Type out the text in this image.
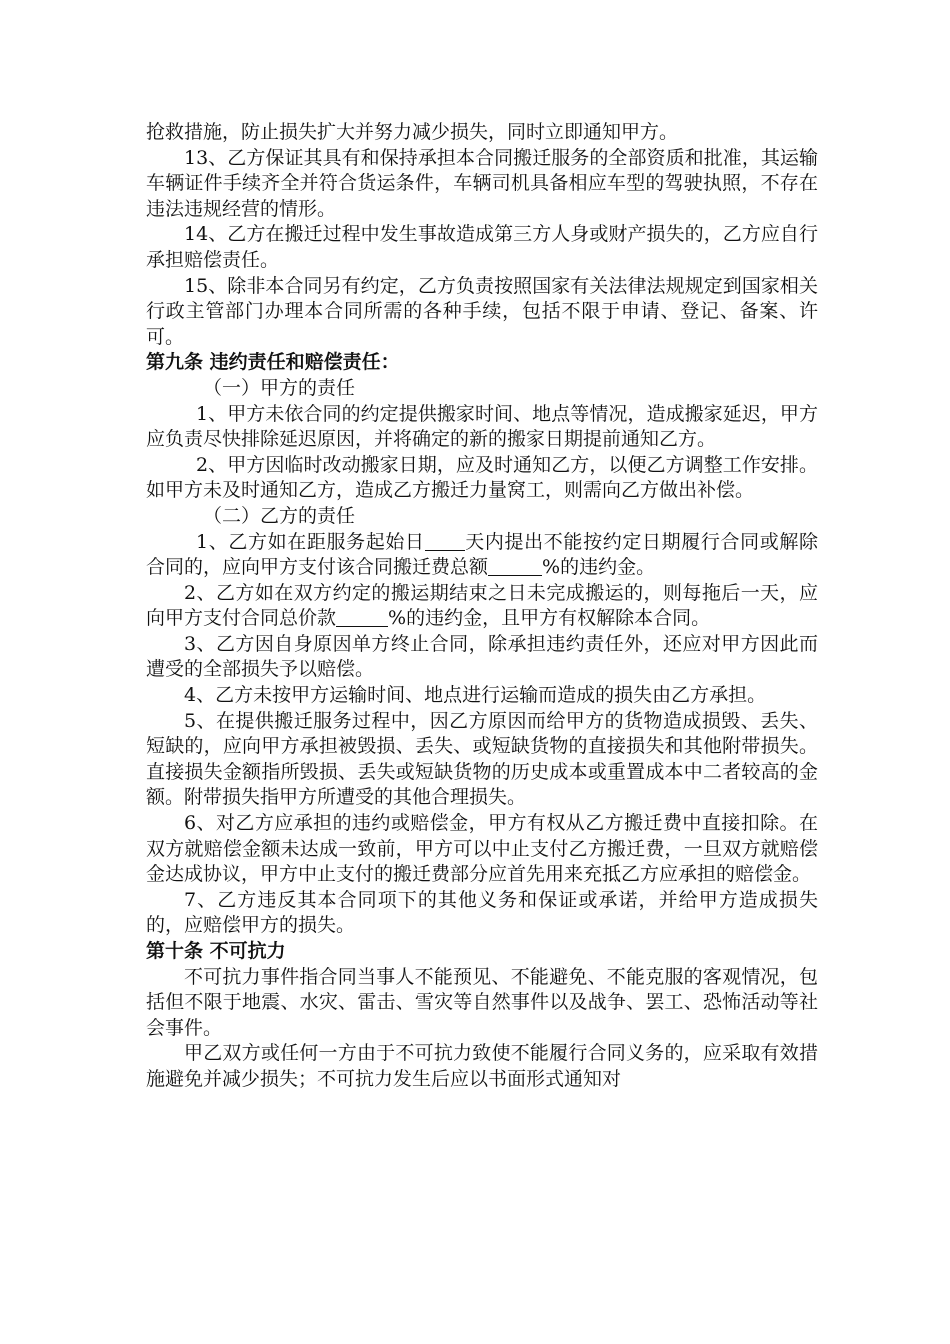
抢救措施，防止损失扩大并努力减少损失，同时立即通知甲方。

13、乙方保证其具有和保持承担本合同搬迁服务的全部资质和批准，其运输车辆证件手续齐全并符合货运条件，车辆司机具备相应车型的驾驶执照，不存在违法违规经营的情形。

14、乙方在搬迁过程中发生事故造成第三方人身或财产损失的，乙方应自行承担赔偿责任。

15、除非本合同另有约定，乙方负责按照国家有关法律法规规定到国家相关行政主管部门办理本合同所需的各种手续，包括不限于申请、登记、备案、许可。

第九条 违约责任和赔偿责任：

（一）甲方的责任

1、甲方未依合同的约定提供搬家时间、地点等情况，造成搬家延迟，甲方应负责尽快排除延迟原因，并将确定的新的搬家日期提前通知乙方。

2、甲方因临时改动搬家日期，应及时通知乙方，以便乙方调整工作安排。如甲方未及时通知乙方，造成乙方搬迁力量窝工，则需向乙方做出补偿。

（二）乙方的责任

1、乙方如在距服务起始日 天内提出不能按约定日期履行合同或解除合同的，应向甲方支付该合同搬迁费总额	%的违约金。

2、乙方如在双方约定的搬运期结束之日未完成搬运的，则每拖后一天，应向甲方支付合同总价款	%的违约金，且甲方有权解除本合同。

3、乙方因自身原因单方终止合同，除承担违约责任外，还应对甲方因此而遭受的全部损失予以赔偿。

4、乙方未按甲方运输时间、地点进行运输而造成的损失由乙方承担。

5、在提供搬迁服务过程中，因乙方原因而给甲方的货物造成损毁、丢失、短缺的，应向甲方承担被毁损、丢失、或短缺货物的直接损失和其他附带损失。直接损失金额指所毁损、丢失或短缺货物的历史成本或重置成本中二者较高的金额。附带损失指甲方所遭受的其他合理损失。

6、对乙方应承担的违约或赔偿金，甲方有权从乙方搬迁费中直接扣除。在双方就赔偿金额未达成一致前，甲方可以中止支付乙方搬迁费，一旦双方就赔偿金达成协议，甲方中止支付的搬迁费部分应首先用来充抵乙方应承担的赔偿金。

7、乙方违反其本合同项下的其他义务和保证或承诺，并给甲方造成损失的，应赔偿甲方的损失。

第十条 不可抗力

不可抗力事件指合同当事人不能预见、不能避免、不能克服的客观情况，包括但不限于地震、水灾、雷击、雪灾等自然事件以及战争、罢工、恐怖活动等社会事件。

甲乙双方或任何一方由于不可抗力致使不能履行合同义务的，应采取有效措施避免并减少损失；不可抗力发生后应以书面形式通知对
